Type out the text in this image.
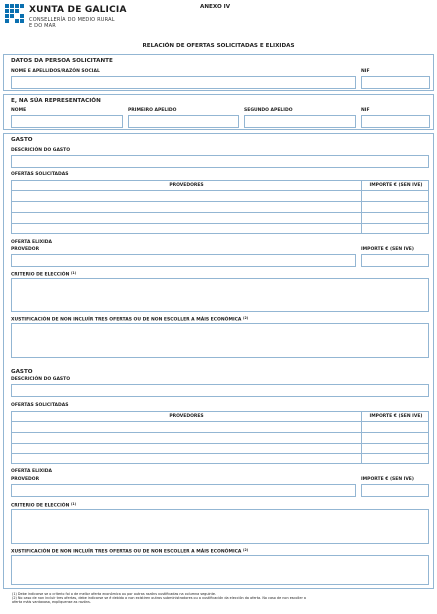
XUNTA DE GALICIA
CONSELLERÍA DO MEDIO RURAL
E DO MAR
ANEXO IV
RELACIÓN DE OFERTAS SOLICITADAS E ELIXIDAS
DATOS DA PERSOA SOLICITANTE
NOME E APELLIDOS/RAZÓN SOCIAL	NIF
E, NA SÚA REPRESENTACIÓN
NOME	PRIMEIRO APELIDO	SEGUNDO APELIDO	NIF
GASTO
DESCRICIÓN DO GASTO
OFERTAS SOLICITADAS
PROVEDORES	IMPORTE € (SEN IVE)
OFERTA ELIXIDA
PROVEDOR	IMPORTE € (SEN IVE)
CRITERIO DE ELECCIÓN $^{(1)}$
XUSTIFICACIÓN DE NON INCLUÍR TRES OFERTAS OU DE NON ESCOLLER A MÁIS ECONÓMICA $^{(2)}$
GASTO
DESCRICIÓN DO GASTO
OFERTAS SOLICITADAS
PROVEDORES	IMPORTE € (SEN IVE)
OFERTA ELIXIDA
PROVEDOR	IMPORTE € (SEN IVE)
CRITERIO DE ELECCIÓN $^{(1)}$
XUSTIFICACIÓN DE NON INCLUÍR TRES OFERTAS OU DE NON ESCOLLER A MÁIS ECONÓMICA $^{(2)}$
(1) Debe indicarse se o criterio foi o de mellor oferta económica ou por outras razóns xustificadas na columna seguinte.
(2) No caso de non incluír tres ofertas, debe indicarse se é debido a non existiren outros subministradores ou a xustificación da elección da oferta. No caso de non escoller a
oferta máis vantaxosa, explíquense as razóns.
